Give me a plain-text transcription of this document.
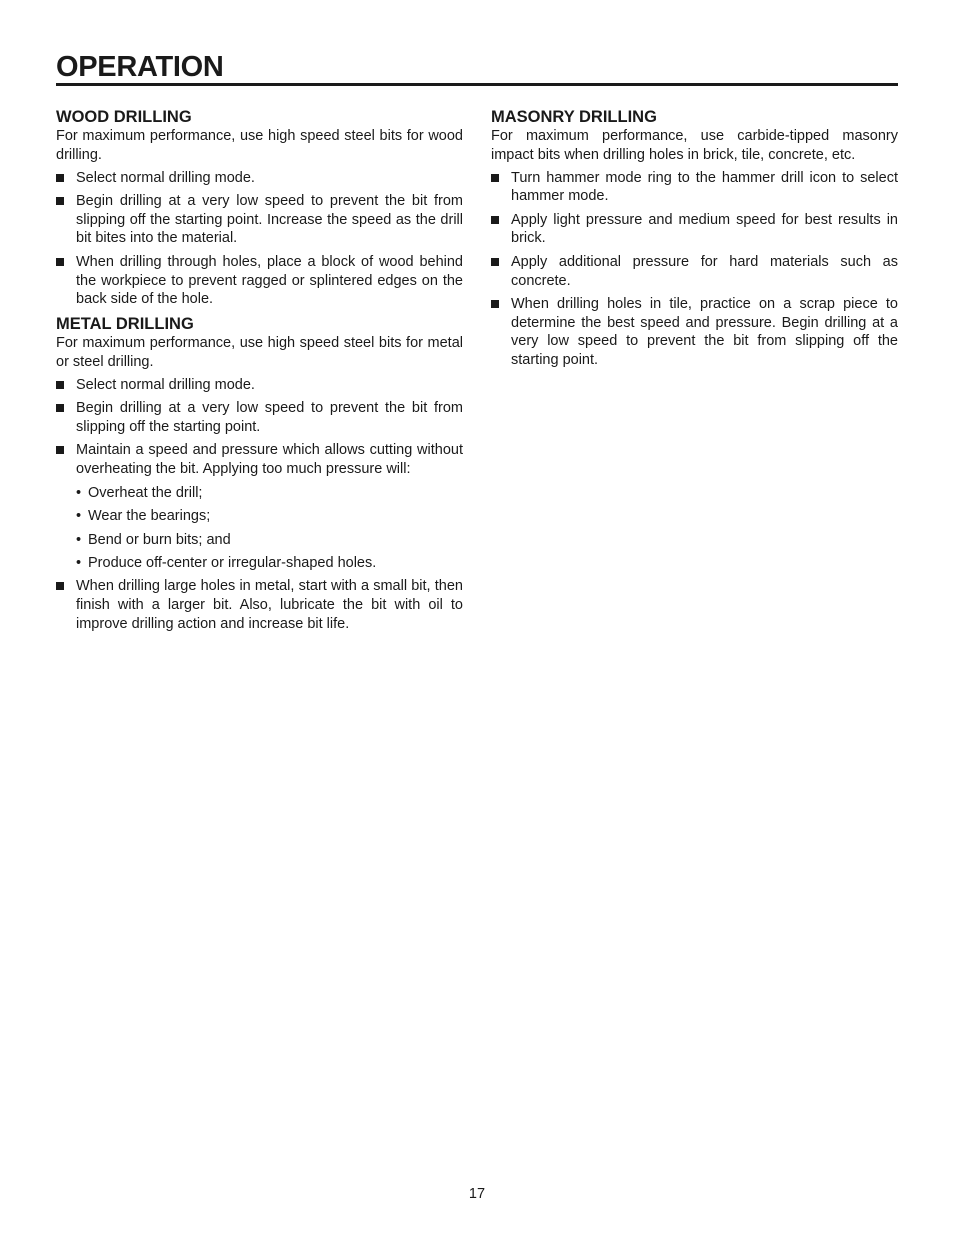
OPERATION
WOOD DRILLING

For maximum performance, use high speed steel bits for wood drilling.

Select normal drilling mode.
Begin drilling at a very low speed to prevent the bit from slipping off the starting point. Increase the speed as the drill bit bites into the material.
When drilling through holes, place a block of wood behind the workpiece to prevent ragged or splintered edges on the back side of the hole.
METAL DRILLING

For maximum performance, use high speed steel bits for metal or steel drilling.

Select normal drilling mode.
Begin drilling at a very low speed to prevent the bit from slipping off the starting point.
Maintain a speed and pressure which allows cutting without overheating the bit. Applying too much pressure will:
• Overheat the drill;
• Wear the bearings;
• Bend or burn bits; and
• Produce off-center or irregular-shaped holes.
When drilling large holes in metal, start with a small bit, then finish with a larger bit. Also, lubricate the bit with oil to improve drilling action and increase bit life.
MASONRY DRILLING

For maximum performance, use carbide-tipped masonry impact bits when drilling holes in brick, tile, concrete, etc.

Turn hammer mode ring to the hammer drill icon to select hammer mode.
Apply light pressure and medium speed for best results in brick.
Apply additional pressure for hard materials such as concrete.
When drilling holes in tile, practice on a scrap piece to determine the best speed and pressure. Begin drilling at a very low speed to prevent the bit from slipping off the starting point.
17
